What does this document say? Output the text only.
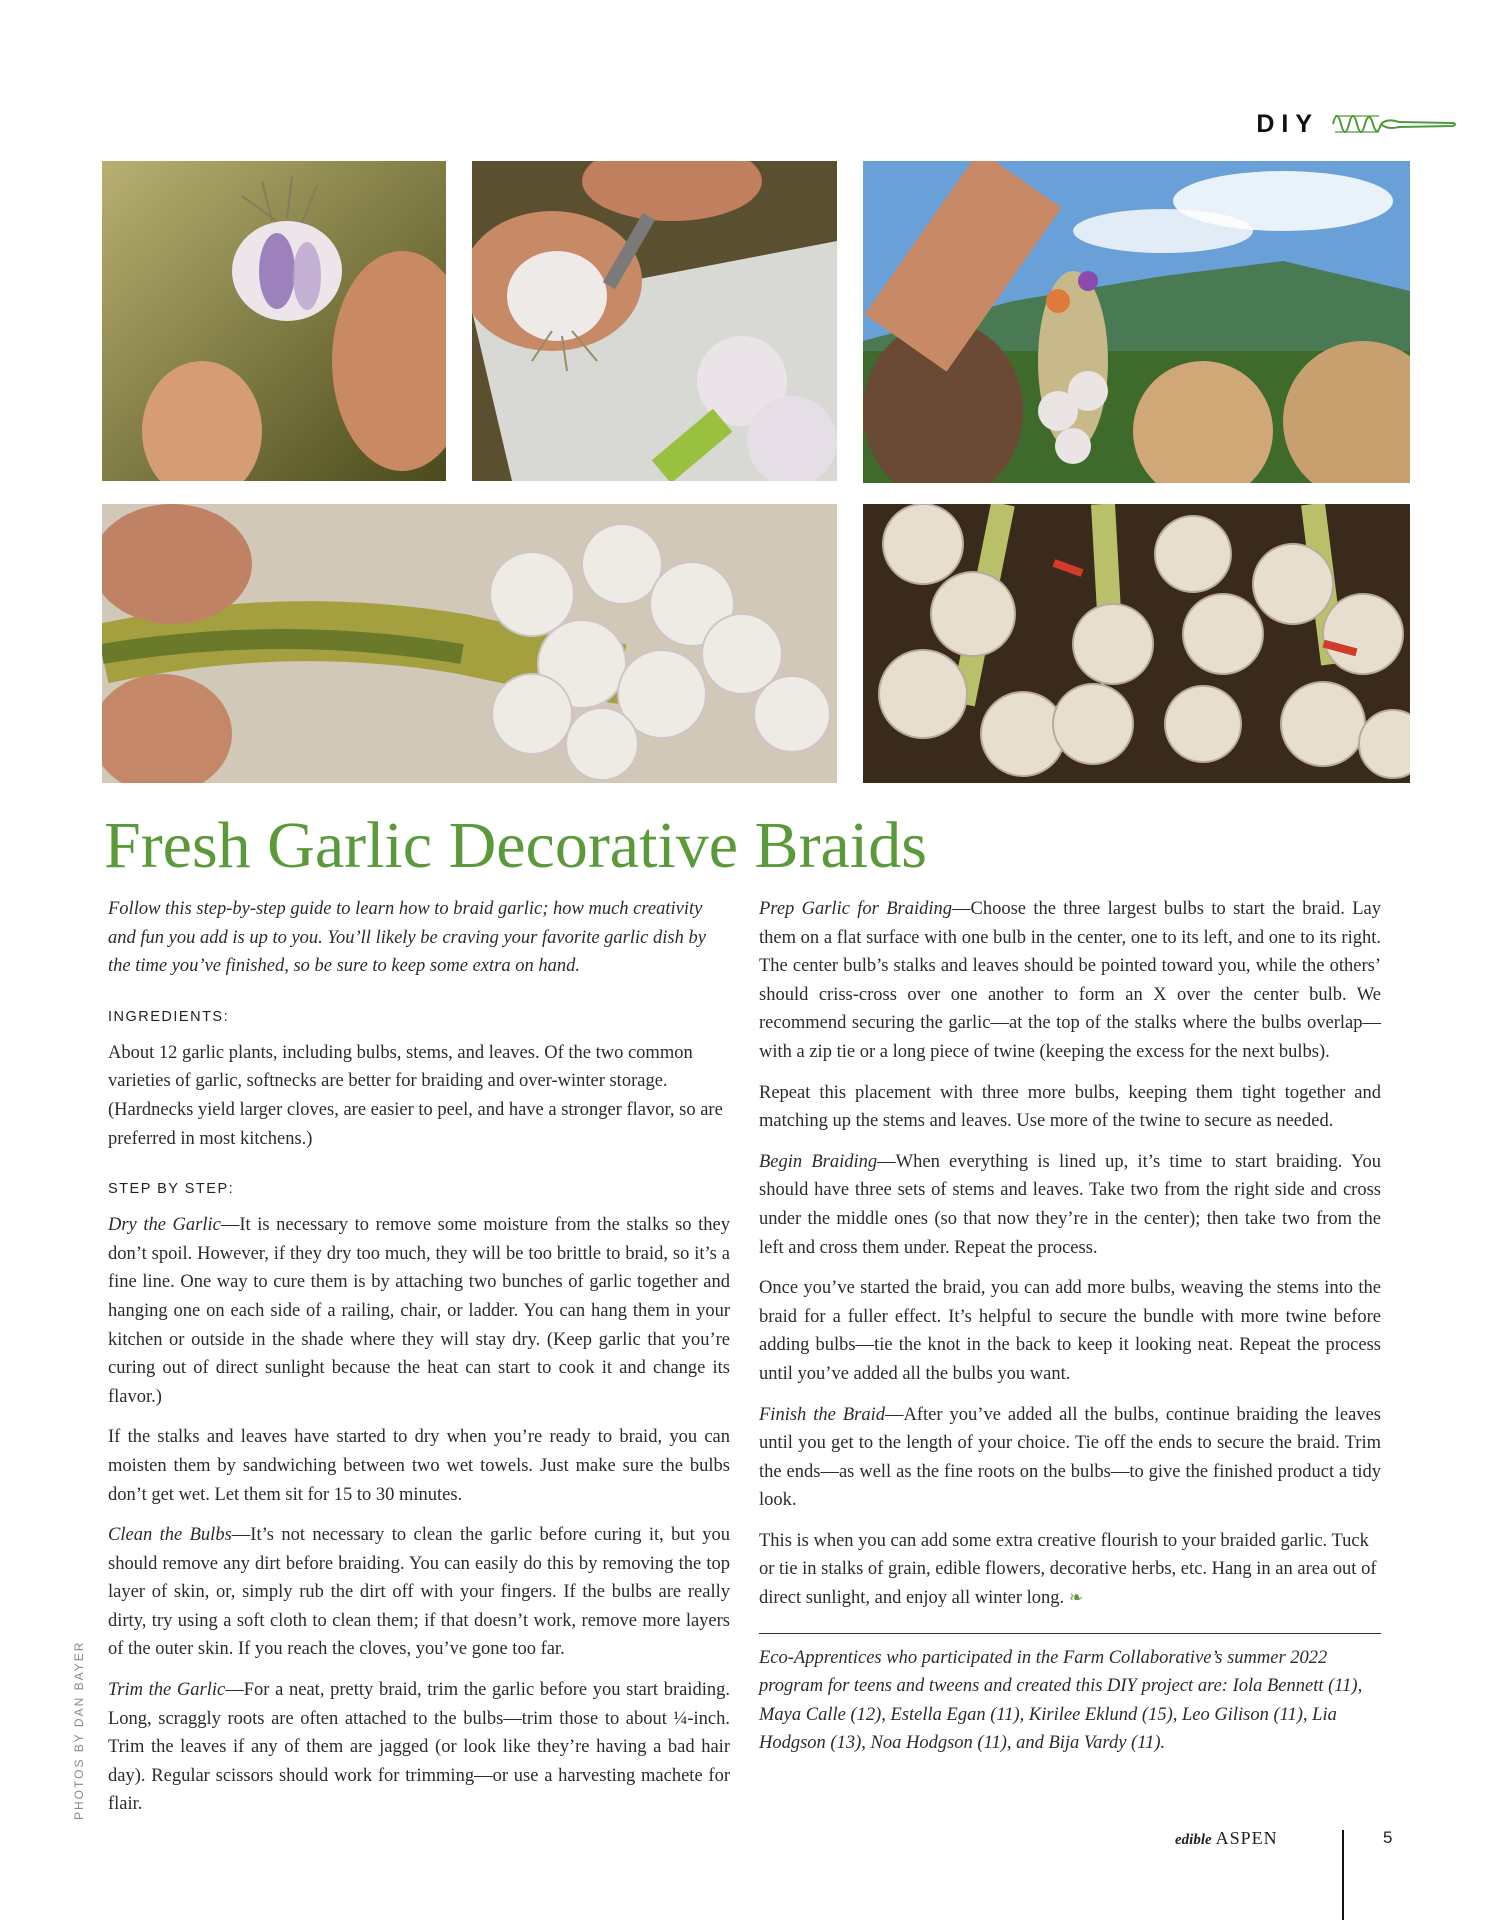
DIY
Fresh Garlic Decorative Braids

Follow this step-by-step guide to learn how to braid garlic; how much creativity and fun you add is up to you. You’ll likely be craving your favorite garlic dish by the time you’ve finished, so be sure to keep some extra on hand.

INGREDIENTS:

About 12 garlic plants, including bulbs, stems, and leaves. Of the two common varieties of garlic, softnecks are better for braiding and over-winter storage. (Hardnecks yield larger cloves, are easier to peel, and have a stronger flavor, so are preferred in most kitchens.)

STEP BY STEP:

Dry the Garlic—It is necessary to remove some moisture from the stalks so they don’t spoil. However, if they dry too much, they will be too brittle to braid, so it’s a fine line. One way to cure them is by attaching two bunches of garlic together and hanging one on each side of a railing, chair, or ladder. You can hang them in your kitchen or outside in the shade where they will stay dry. (Keep garlic that you’re curing out of direct sunlight because the heat can start to cook it and change its flavor.)

If the stalks and leaves have started to dry when you’re ready to braid, you can moisten them by sandwiching between two wet towels. Just make sure the bulbs don’t get wet. Let them sit for 15 to 30 minutes.

Clean the Bulbs—It’s not necessary to clean the garlic before curing it, but you should remove any dirt before braiding. You can easily do this by removing the top layer of skin, or, simply rub the dirt off with your fingers. If the bulbs are really dirty, try using a soft cloth to clean them; if that doesn’t work, remove more layers of the outer skin. If you reach the cloves, you’ve gone too far.

Trim the Garlic—For a neat, pretty braid, trim the garlic before you start braiding. Long, scraggly roots are often attached to the bulbs—trim those to about ¼-inch. Trim the leaves if any of them are jagged (or look like they’re having a bad hair day). Regular scissors should work for trimming—or use a harvesting machete for flair.

Prep Garlic for Braiding—Choose the three largest bulbs to start the braid. Lay them on a flat surface with one bulb in the center, one to its left, and one to its right. The center bulb’s stalks and leaves should be pointed toward you, while the others’ should criss-cross over one another to form an X over the center bulb. We recommend securing the garlic—at the top of the stalks where the bulbs overlap—with a zip tie or a long piece of twine (keeping the excess for the next bulbs).

Repeat this placement with three more bulbs, keeping them tight together and matching up the stems and leaves. Use more of the twine to secure as needed.

Begin Braiding—When everything is lined up, it’s time to start braiding. You should have three sets of stems and leaves. Take two from the right side and cross under the middle ones (so that now they’re in the center); then take two from the left and cross them under. Repeat the process.

Once you’ve started the braid, you can add more bulbs, weaving the stems into the braid for a fuller effect. It’s helpful to secure the bundle with more twine before adding bulbs—tie the knot in the back to keep it looking neat. Repeat the process until you’ve added all the bulbs you want.

Finish the Braid—After you’ve added all the bulbs, continue braiding the leaves until you get to the length of your choice. Tie off the ends to secure the braid. Trim the ends—as well as the fine roots on the bulbs—to give the finished product a tidy look.

This is when you can add some extra creative flourish to your braided garlic. Tuck or tie in stalks of grain, edible flowers, decorative herbs, etc. Hang in an area out of direct sunlight, and enjoy all winter long. ❧

Eco-Apprentices who participated in the Farm Collaborative’s summer 2022 program for teens and tweens and created this DIY project are: Iola Bennett (11), Maya Calle (12), Estella Egan (11), Kirilee Eklund (15), Leo Gilison (11), Lia Hodgson (13), Noa Hodgson (11), and Bija Vardy (11).

PHOTOS BY DAN BAYER
edible ASPEN	5
